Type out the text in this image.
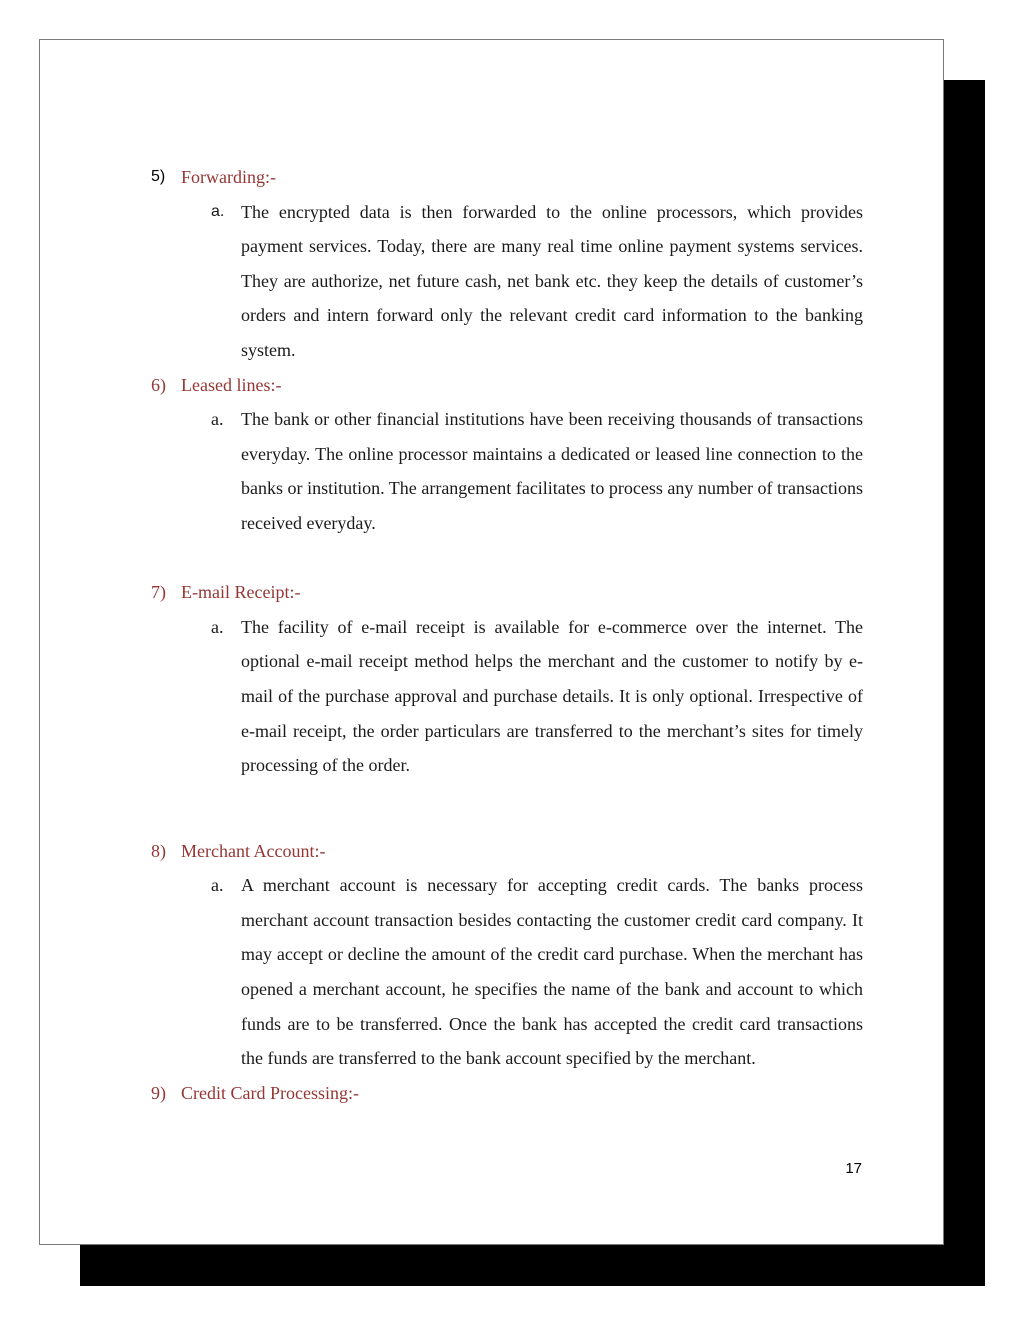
5) Forwarding:-
a. The encrypted data is then forwarded to the online processors, which provides payment services. Today, there are many real time online payment systems services. They are authorize, net future cash, net bank etc. they keep the details of customer’s orders and intern forward only the relevant credit card information to the banking system.

6) Leased lines:-
a. The bank or other financial institutions have been receiving thousands of transactions everyday. The online processor maintains a dedicated or leased line connection to the banks or institution. The arrangement facilitates to process any number of transactions received everyday.

7) E-mail Receipt:-
a. The facility of e-mail receipt is available for e-commerce over the internet. The optional e-mail receipt method helps the merchant and the customer to notify by e-mail of the purchase approval and purchase details. It is only optional. Irrespective of e-mail receipt, the order particulars are transferred to the merchant’s sites for timely processing of the order.

8) Merchant Account:-
a. A merchant account is necessary for accepting credit cards. The banks process merchant account transaction besides contacting the customer credit card company. It may accept or decline the amount of the credit card purchase. When the merchant has opened a merchant account, he specifies the name of the bank and account to which funds are to be transferred. Once the bank has accepted the credit card transactions the funds are transferred to the bank account specified by the merchant.

9) Credit Card Processing:-
17
